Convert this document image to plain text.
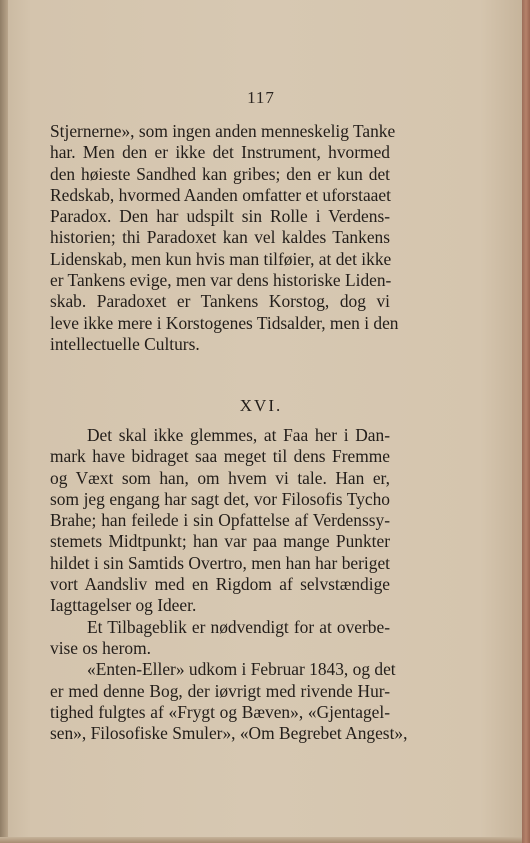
117
Stjernerne», som ingen anden menneskelig Tanke
har. Men den er ikke det Instrument, hvormed
den høieste Sandhed kan gribes; den er kun det
Redskab, hvormed Aanden omfatter et uforstaaet
Paradox. Den har udspilt sin Rolle i Verdens-
historien; thi Paradoxet kan vel kaldes Tankens
Lidenskab, men kun hvis man tilføier, at det ikke
er Tankens evige, men var dens historiske Liden-
skab. Paradoxet er Tankens Korstog, dog vi
leve ikke mere i Korstogenes Tidsalder, men i den
intellectuelle Culturs.
XVI.
Det skal ikke glemmes, at Faa her i Dan-
mark have bidraget saa meget til dens Fremme
og Væxt som han, om hvem vi tale. Han er,
som jeg engang har sagt det, vor Filosofis Tycho
Brahe; han feilede i sin Opfattelse af Verdenssy-
stemets Midtpunkt; han var paa mange Punkter
hildet i sin Samtids Overtro, men han har beriget
vort Aandsliv med en Rigdom af selvstændige
Iagttagelser og Ideer.
Et Tilbageblik er nødvendigt for at overbe-
vise os herom.
«Enten-Eller» udkom i Februar 1843, og det
er med denne Bog, der iøvrigt med rivende Hur-
tighed fulgtes af «Frygt og Bæven», «Gjentagel-
sen», Filosofiske Smuler», «Om Begrebet Angest»,
